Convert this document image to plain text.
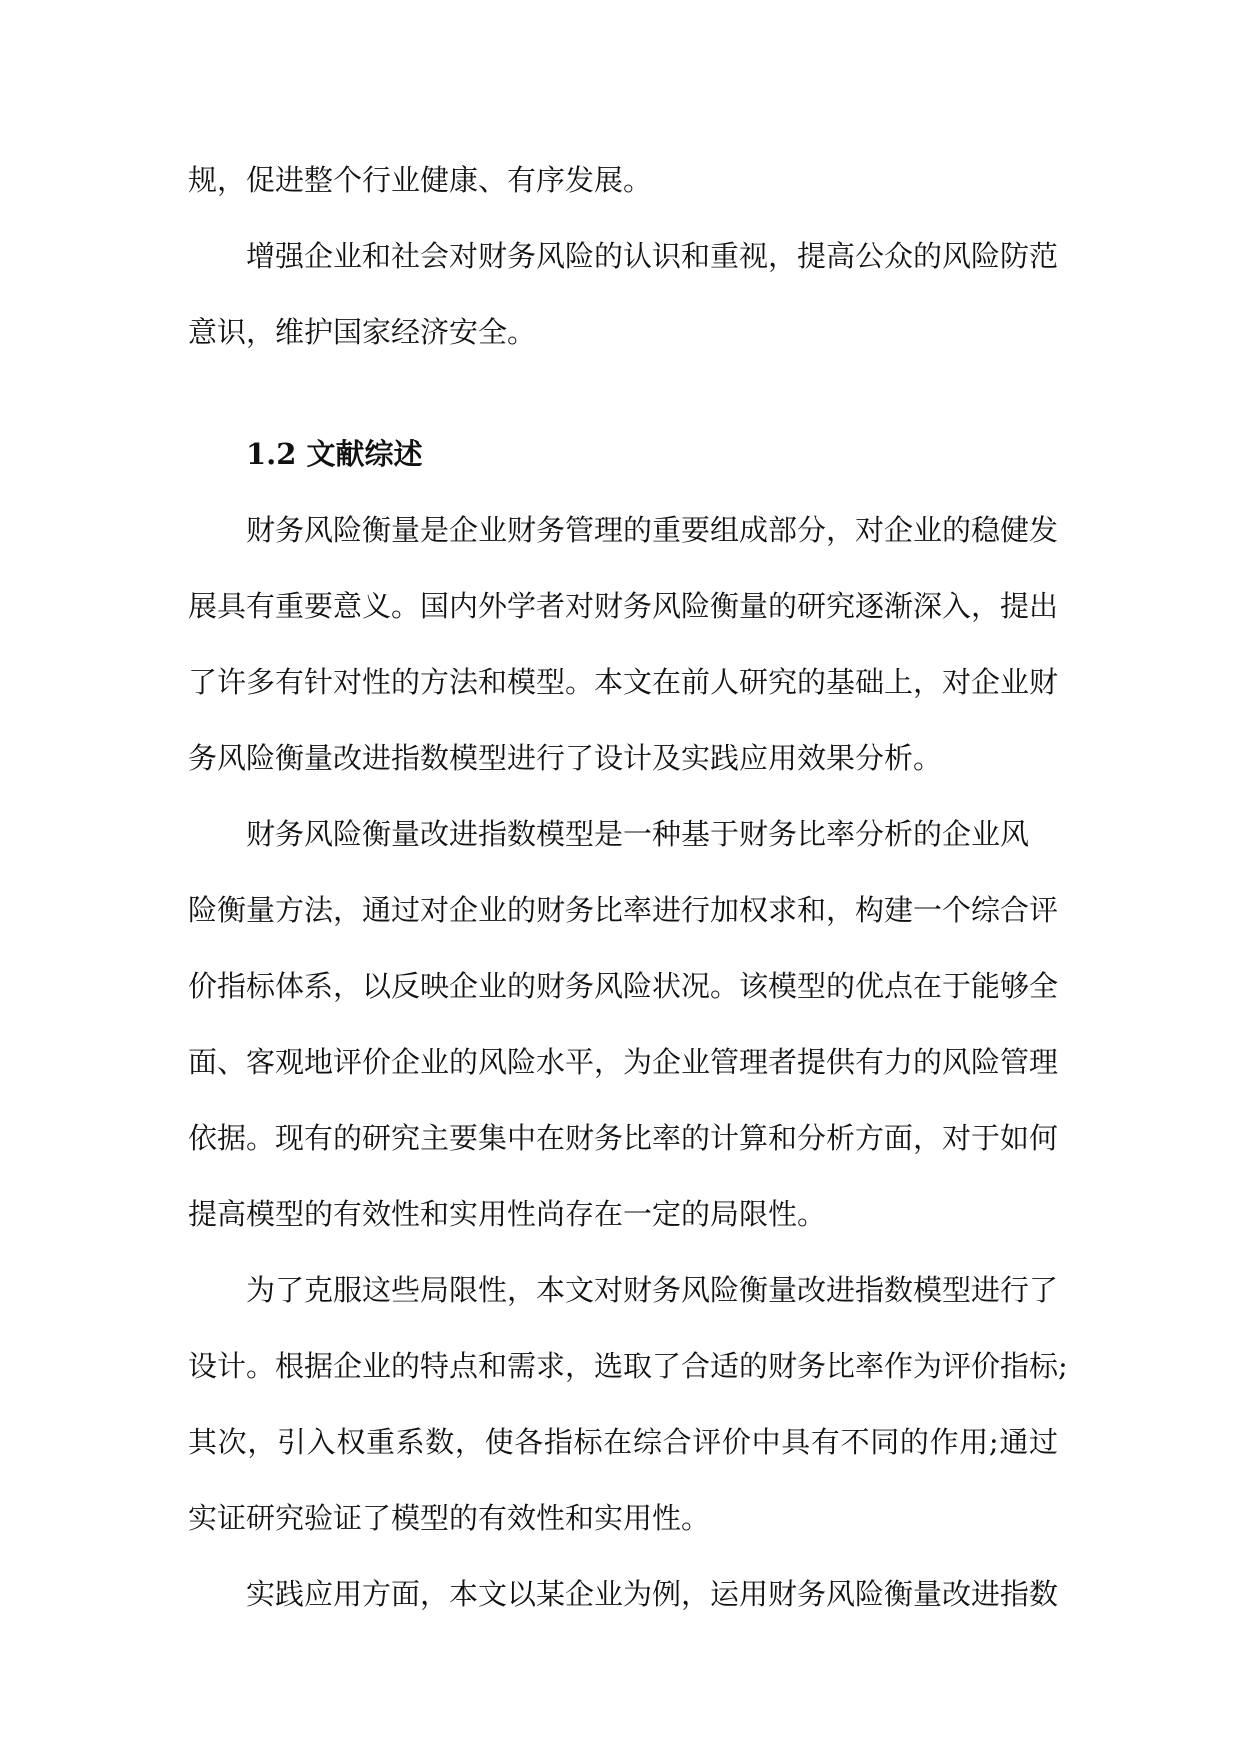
规，促进整个行业健康、有序发展。
增强企业和社会对财务风险的认识和重视，提高公众的风险防范
意识，维护国家经济安全。
1.2 文献综述
财务风险衡量是企业财务管理的重要组成部分，对企业的稳健发
展具有重要意义。国内外学者对财务风险衡量的研究逐渐深入，提出
了许多有针对性的方法和模型。本文在前人研究的基础上，对企业财
务风险衡量改进指数模型进行了设计及实践应用效果分析。
财务风险衡量改进指数模型是一种基于财务比率分析的企业风
险衡量方法，通过对企业的财务比率进行加权求和，构建一个综合评
价指标体系，以反映企业的财务风险状况。该模型的优点在于能够全
面、客观地评价企业的风险水平，为企业管理者提供有力的风险管理
依据。现有的研究主要集中在财务比率的计算和分析方面，对于如何
提高模型的有效性和实用性尚存在一定的局限性。
为了克服这些局限性，本文对财务风险衡量改进指数模型进行了
设计。根据企业的特点和需求，选取了合适的财务比率作为评价指标;
其次，引入权重系数，使各指标在综合评价中具有不同的作用;通过
实证研究验证了模型的有效性和实用性。
实践应用方面，本文以某企业为例，运用财务风险衡量改进指数
